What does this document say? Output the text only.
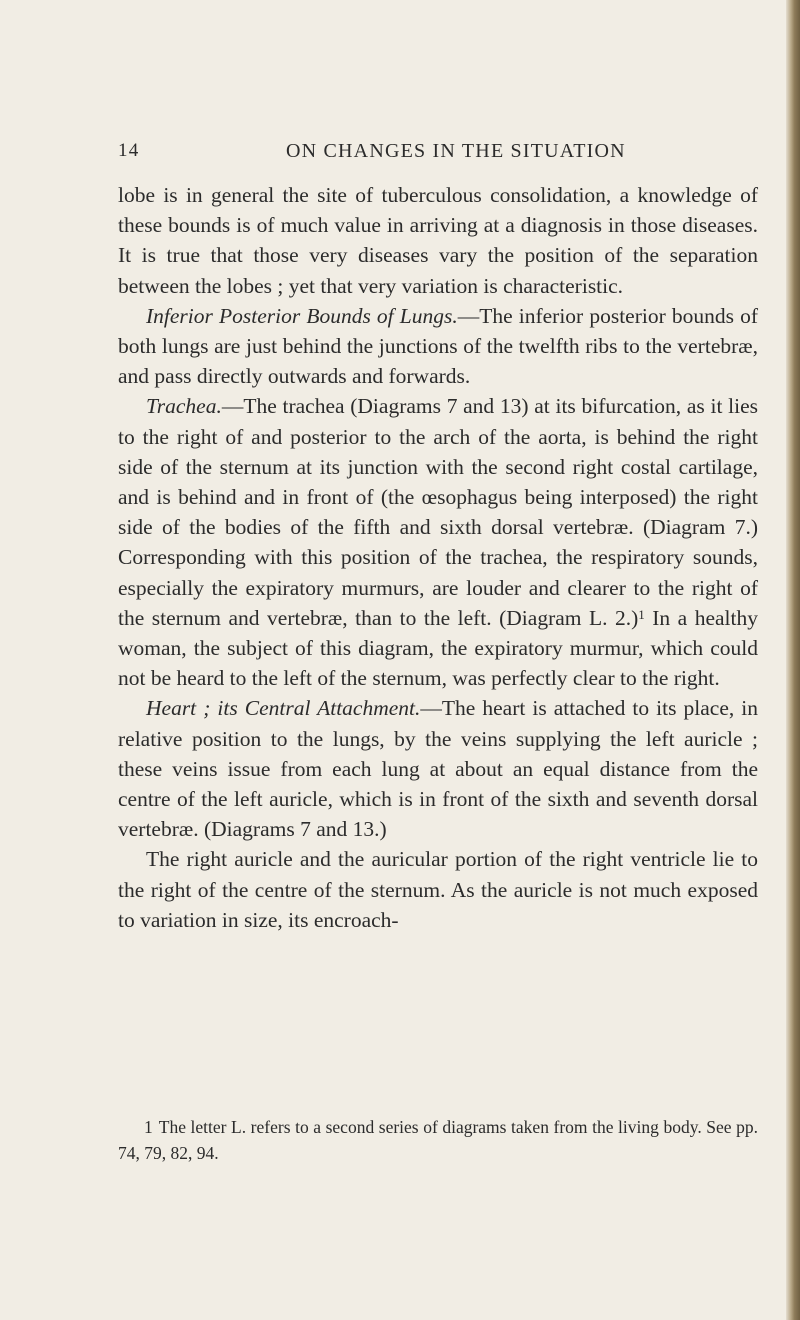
14	ON CHANGES IN THE SITUATION

lobe is in general the site of tuberculous consolidation, a knowledge of these bounds is of much value in arriving at a diagnosis in those diseases. It is true that those very diseases vary the position of the separation between the lobes ; yet that very variation is characteristic.

Inferior Posterior Bounds of Lungs.—The inferior posterior bounds of both lungs are just behind the junctions of the twelfth ribs to the vertebræ, and pass directly outwards and forwards.

Trachea.—The trachea (Diagrams 7 and 13) at its bifurcation, as it lies to the right of and posterior to the arch of the aorta, is behind the right side of the sternum at its junction with the second right costal cartilage, and is behind and in front of (the œsophagus being interposed) the right side of the bodies of the fifth and sixth dorsal vertebræ. (Diagram 7.) Corresponding with this position of the trachea, the respiratory sounds, especially the expiratory murmurs, are louder and clearer to the right of the sternum and vertebræ, than to the left. (Diagram L. 2.)$^1$ In a healthy woman, the subject of this diagram, the expiratory murmur, which could not be heard to the left of the sternum, was perfectly clear to the right.

Heart ; its Central Attachment.—The heart is attached to its place, in relative position to the lungs, by the veins supplying the left auricle ; these veins issue from each lung at about an equal distance from the centre of the left auricle, which is in front of the sixth and seventh dorsal vertebræ. (Diagrams 7 and 13.)

The right auricle and the auricular portion of the right ventricle lie to the right of the centre of the sternum. As the auricle is not much exposed to variation in size, its encroach-

1 The letter L. refers to a second series of diagrams taken from the living body. See pp. 74, 79, 82, 94.
